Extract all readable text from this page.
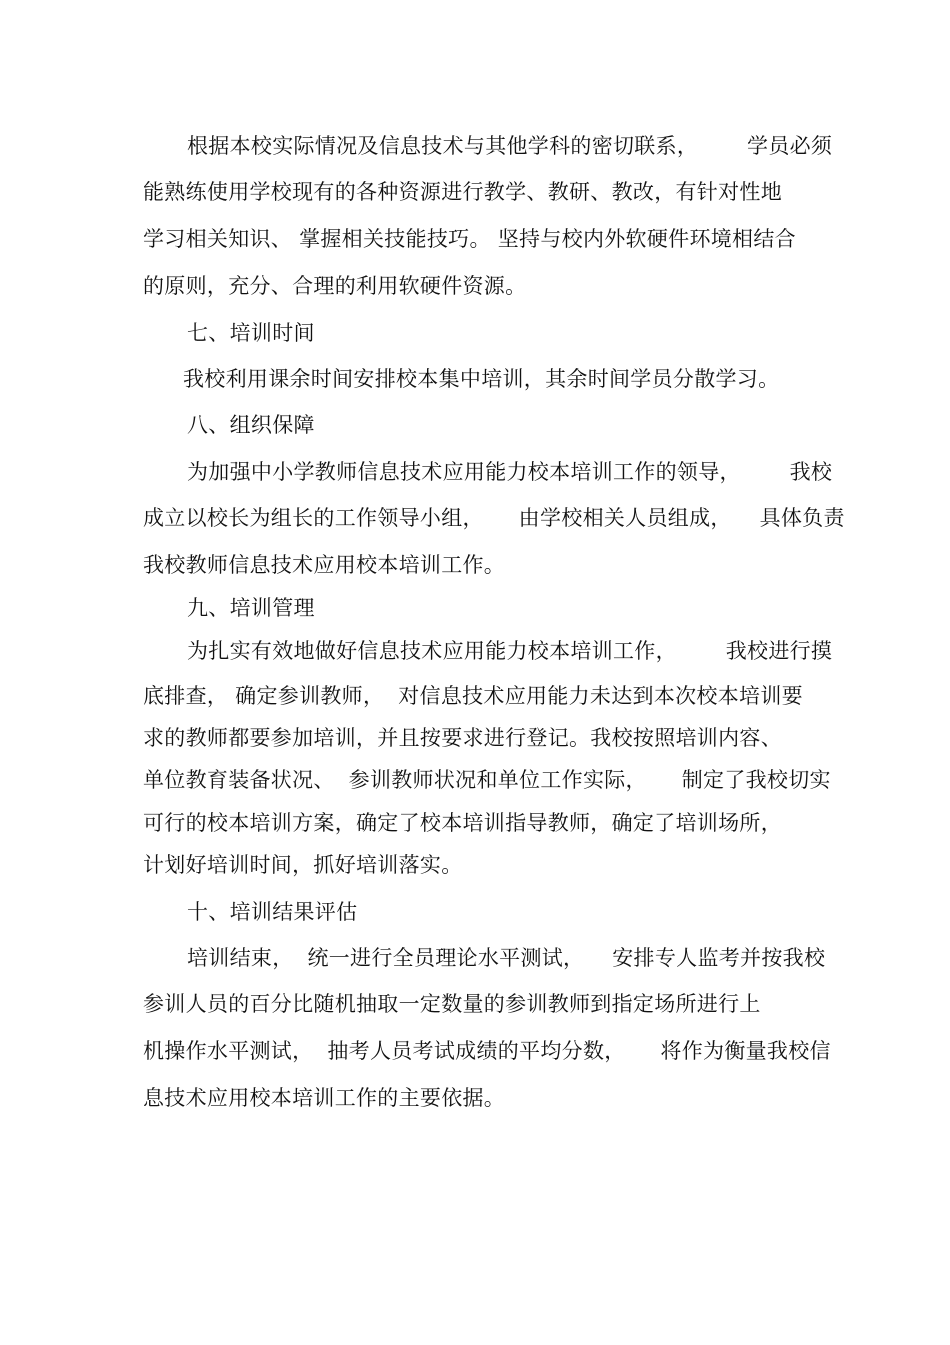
根据本校实际情况及信息技术与其他学科的密切联系，       学员必须
能熟练使用学校现有的各种资源进行教学、教研、教改，有针对性地
学习相关知识、 掌握相关技能技巧。 坚持与校内外软硬件环境相结合
的原则，充分、合理的利用软硬件资源。
七、培训时间
我校利用课余时间安排校本集中培训，其余时间学员分散学习。
八、组织保障
为加强中小学教师信息技术应用能力校本培训工作的领导，       我校
成立以校长为组长的工作领导小组，     由学校相关人员组成，    具体负责
我校教师信息技术应用校本培训工作。
九、培训管理
为扎实有效地做好信息技术应用能力校本培训工作，       我校进行摸
底排查， 确定参训教师，  对信息技术应用能力未达到本次校本培训要
求的教师都要参加培训，并且按要求进行登记。我校按照培训内容、
单位教育装备状况、  参训教师状况和单位工作实际，     制定了我校切实
可行的校本培训方案，确定了校本培训指导教师，确定了培训场所，
计划好培训时间，抓好培训落实。
十、培训结果评估
培训结束，  统一进行全员理论水平测试，    安排专人监考并按我校
参训人员的百分比随机抽取一定数量的参训教师到指定场所进行上
机操作水平测试，  抽考人员考试成绩的平均分数，     将作为衡量我校信
息技术应用校本培训工作的主要依据。
